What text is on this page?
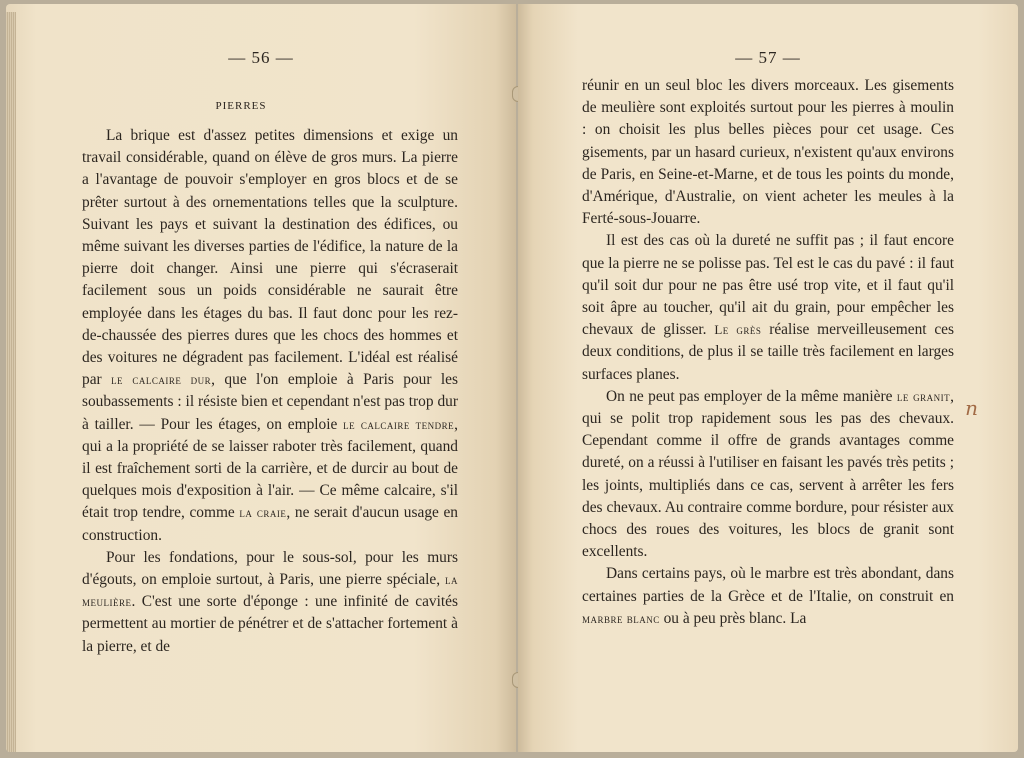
— 56 —
PIERRES

La brique est d'assez petites dimensions et exige un travail considérable, quand on élève de gros murs. La pierre a l'avantage de pouvoir s'employer en gros blocs et de se prêter surtout à des ornementations telles que la sculpture. Suivant les pays et suivant la destination des édifices, ou même suivant les diverses parties de l'édifice, la nature de la pierre doit changer. Ainsi une pierre qui s'écraserait facilement sous un poids considérable ne saurait être employée dans les étages du bas. Il faut donc pour les rez-de-chaussée des pierres dures que les chocs des hommes et des voitures ne dégradent pas facilement. L'idéal est réalisé par le calcaire dur, que l'on emploie à Paris pour les soubassements : il résiste bien et cependant n'est pas trop dur à tailler. — Pour les étages, on emploie le calcaire tendre, qui a la propriété de se laisser raboter très facilement, quand il est fraîchement sorti de la carrière, et de durcir au bout de quelques mois d'exposition à l'air. — Ce même calcaire, s'il était trop tendre, comme la craie, ne serait d'aucun usage en construction.

Pour les fondations, pour le sous-sol, pour les murs d'égouts, on emploie surtout, à Paris, une pierre spéciale, la meulière. C'est une sorte d'éponge : une infinité de cavités permettent au mortier de pénétrer et de s'attacher fortement à la pierre, et de

— 57 —

réunir en un seul bloc les divers morceaux. Les gisements de meulière sont exploités surtout pour les pierres à moulin : on choisit les plus belles pièces pour cet usage. Ces gisements, par un hasard curieux, n'existent qu'aux environs de Paris, en Seine-et-Marne, et de tous les points du monde, d'Amérique, d'Australie, on vient acheter les meules à la Ferté-sous-Jouarre.

Il est des cas où la dureté ne suffit pas ; il faut encore que la pierre ne se polisse pas. Tel est le cas du pavé : il faut qu'il soit dur pour ne pas être usé trop vite, et il faut qu'il soit âpre au toucher, qu'il ait du grain, pour empêcher les chevaux de glisser. Le grès réalise merveilleusement ces deux conditions, de plus il se taille très facilement en larges surfaces planes.

On ne peut pas employer de la même manière le granit, qui se polit trop rapidement sous les pas des chevaux. Cependant comme il offre de grands avantages comme dureté, on a réussi à l'utiliser en faisant les pavés très petits ; les joints, multipliés dans ce cas, servent à arrêter les fers des chevaux. Au contraire comme bordure, pour résister aux chocs des roues des voitures, les blocs de granit sont excellents.

Dans certains pays, où le marbre est très abondant, dans certaines parties de la Grèce et de l'Italie, on construit en marbre blanc ou à peu près blanc. La

n
